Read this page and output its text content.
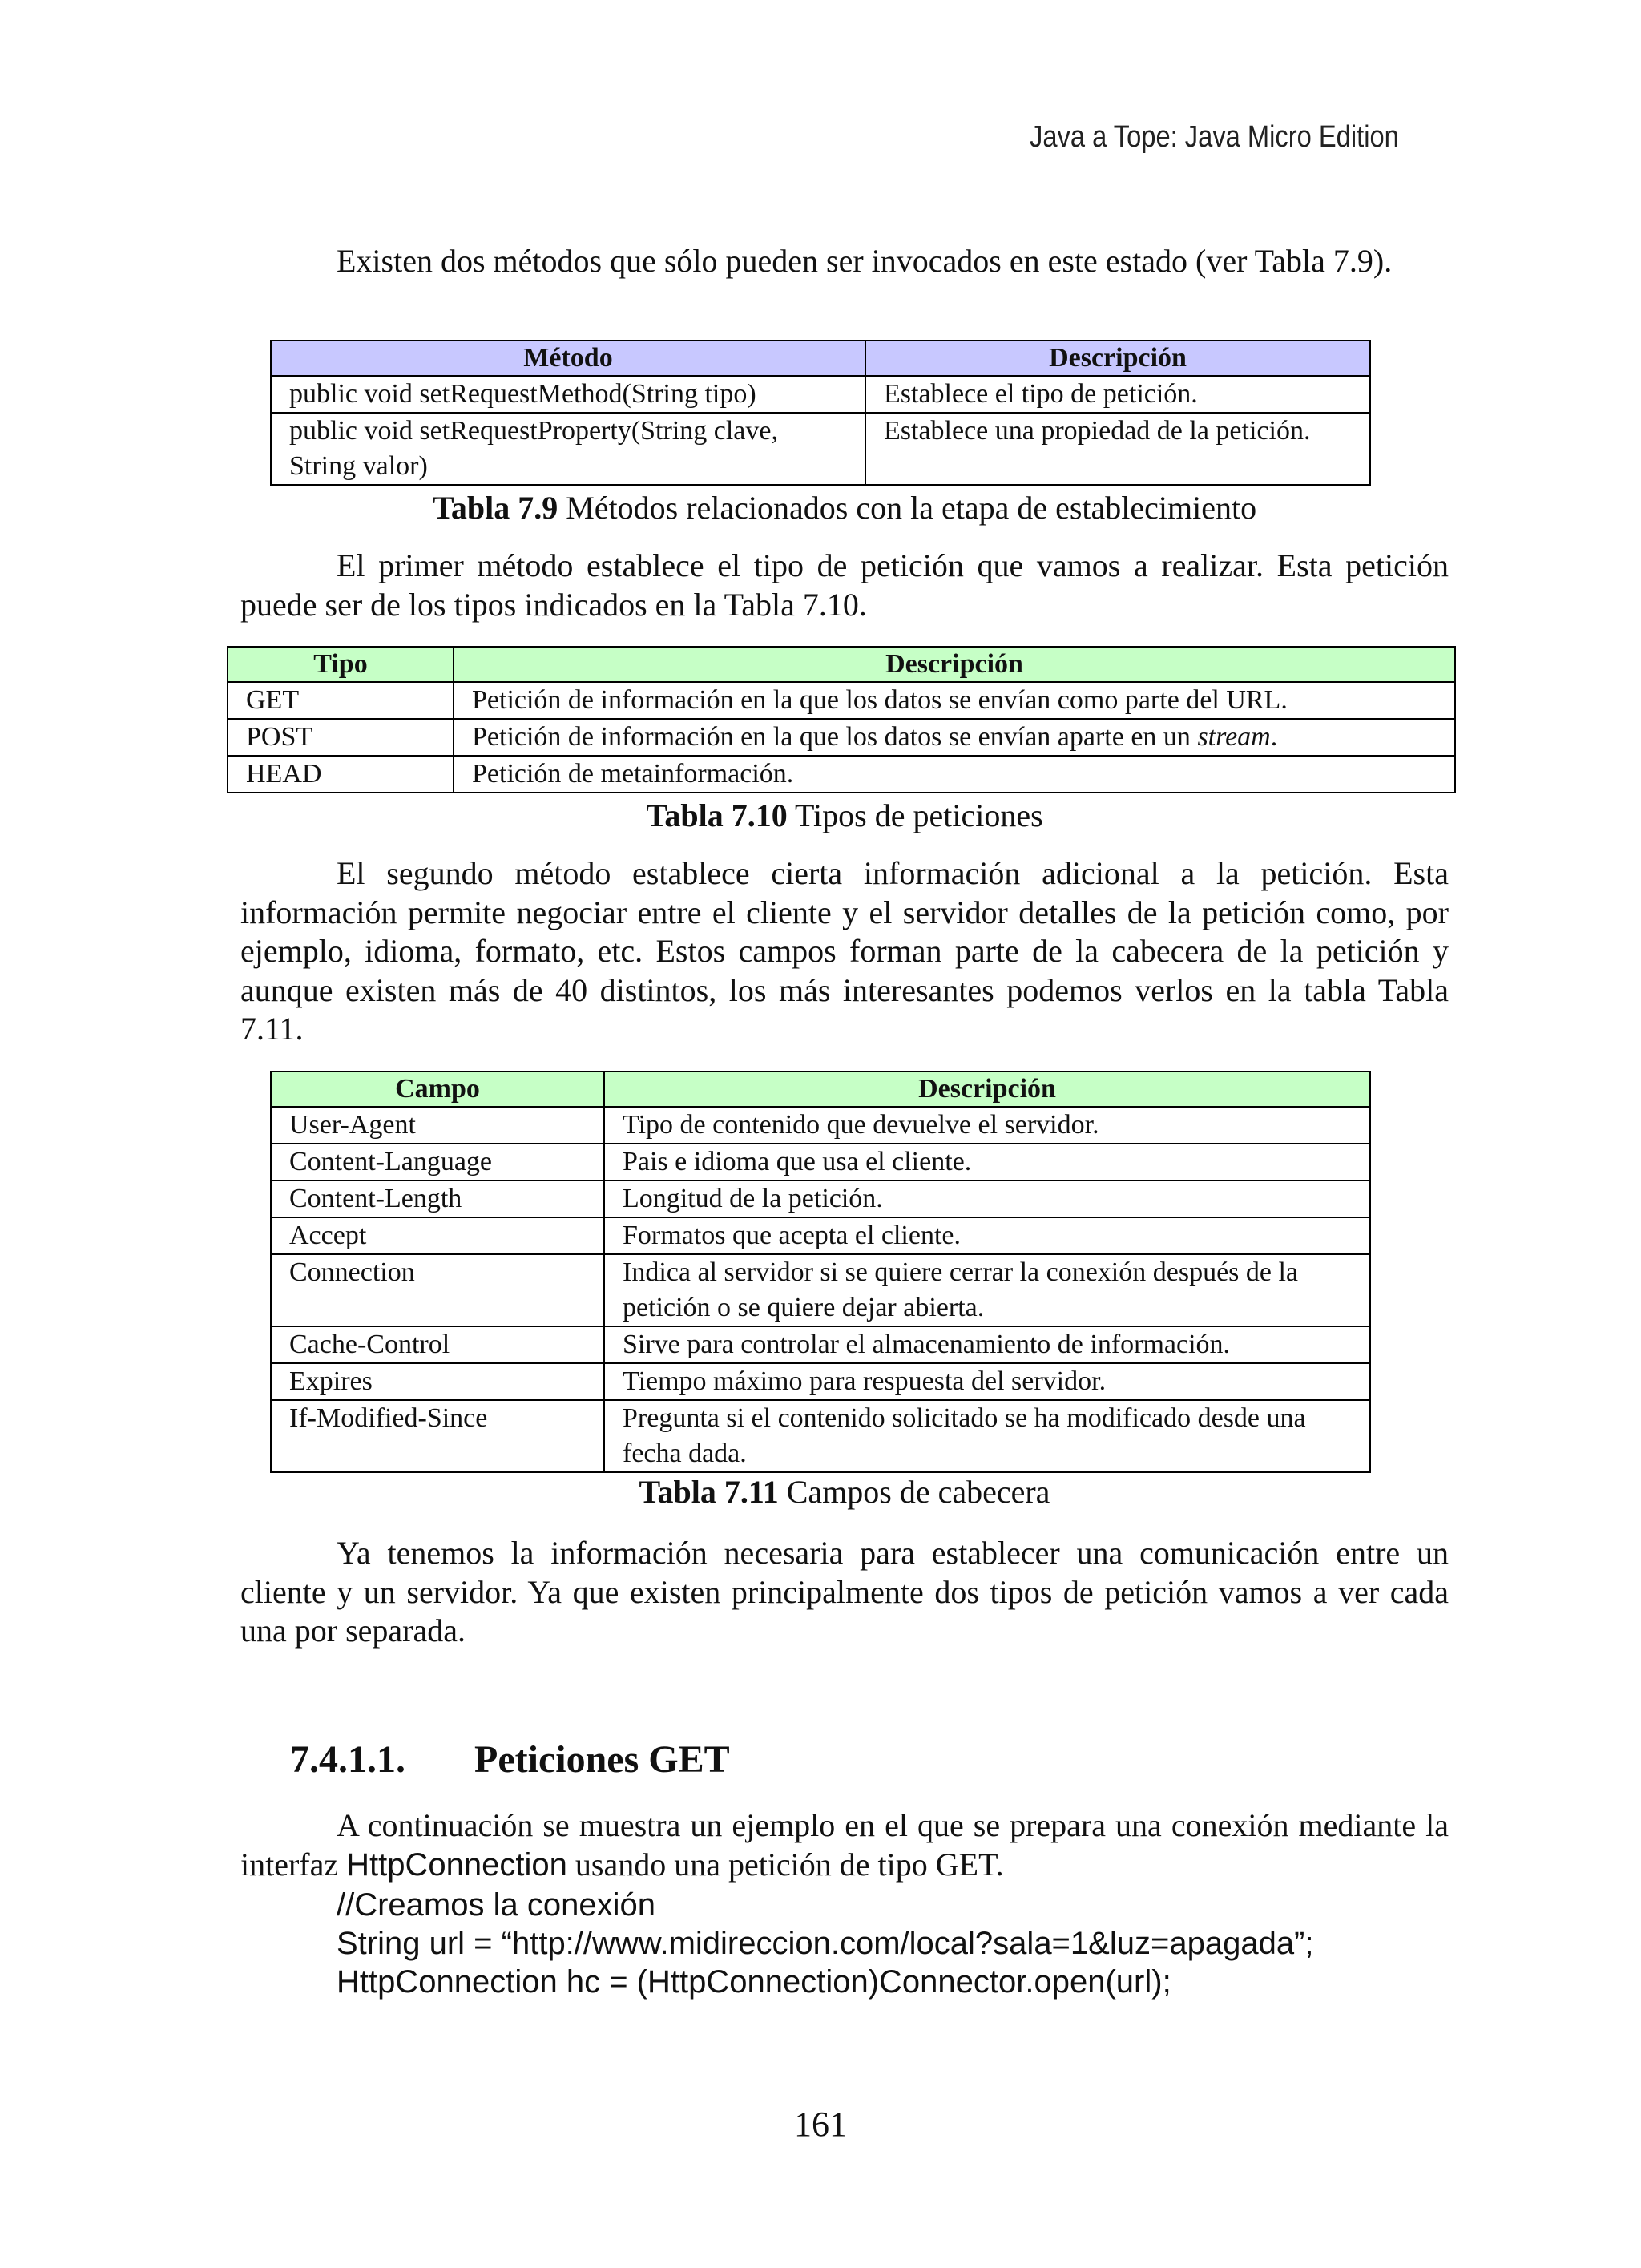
Java a Tope: Java Micro Edition

Existen dos métodos que sólo pueden ser invocados en este estado (ver Tabla 7.9).

Método	Descripción
public void setRequestMethod(String tipo)	Establece el tipo de petición.
public void setRequestProperty(String clave, String valor)	Establece una propiedad de la petición.
Tabla 7.9 Métodos relacionados con la etapa de establecimiento

El primer método establece el tipo de petición que vamos a realizar. Esta petición puede ser de los tipos indicados en la Tabla 7.10.

Tipo	Descripción
GET	Petición de información en la que los datos se envían como parte del URL.
POST	Petición de información en la que los datos se envían aparte en un stream.
HEAD	Petición de metainformación.
Tabla 7.10 Tipos de peticiones

El segundo método establece cierta información adicional a la petición. Esta información permite negociar entre el cliente y el servidor detalles de la petición como, por ejemplo, idioma, formato, etc. Estos campos forman parte de la cabecera de la petición y aunque existen más de 40 distintos, los más interesantes podemos verlos en la tabla Tabla 7.11.

Campo	Descripción
User-Agent	Tipo de contenido que devuelve el servidor.
Content-Language	Pais e idioma que usa el cliente.
Content-Length	Longitud de la petición.
Accept	Formatos que acepta el cliente.
Connection	Indica al servidor si se quiere cerrar la conexión después de la petición o se quiere dejar abierta.
Cache-Control	Sirve para controlar el almacenamiento de información.
Expires	Tiempo máximo para respuesta del servidor.
If-Modified-Since	Pregunta si el contenido solicitado se ha modificado desde una fecha dada.
Tabla 7.11 Campos de cabecera

Ya tenemos la información necesaria para establecer una comunicación entre un cliente y un servidor. Ya que existen principalmente dos tipos de petición vamos a ver cada una por separada.

7.4.1.1. Peticiones GET

A continuación se muestra un ejemplo en el que se prepara una conexión mediante la interfaz HttpConnection usando una petición de tipo GET.

//Creamos la conexión
String url = “http://www.midireccion.com/local?sala=1&luz=apagada”;
HttpConnection hc = (HttpConnection)Connector.open(url);
161
